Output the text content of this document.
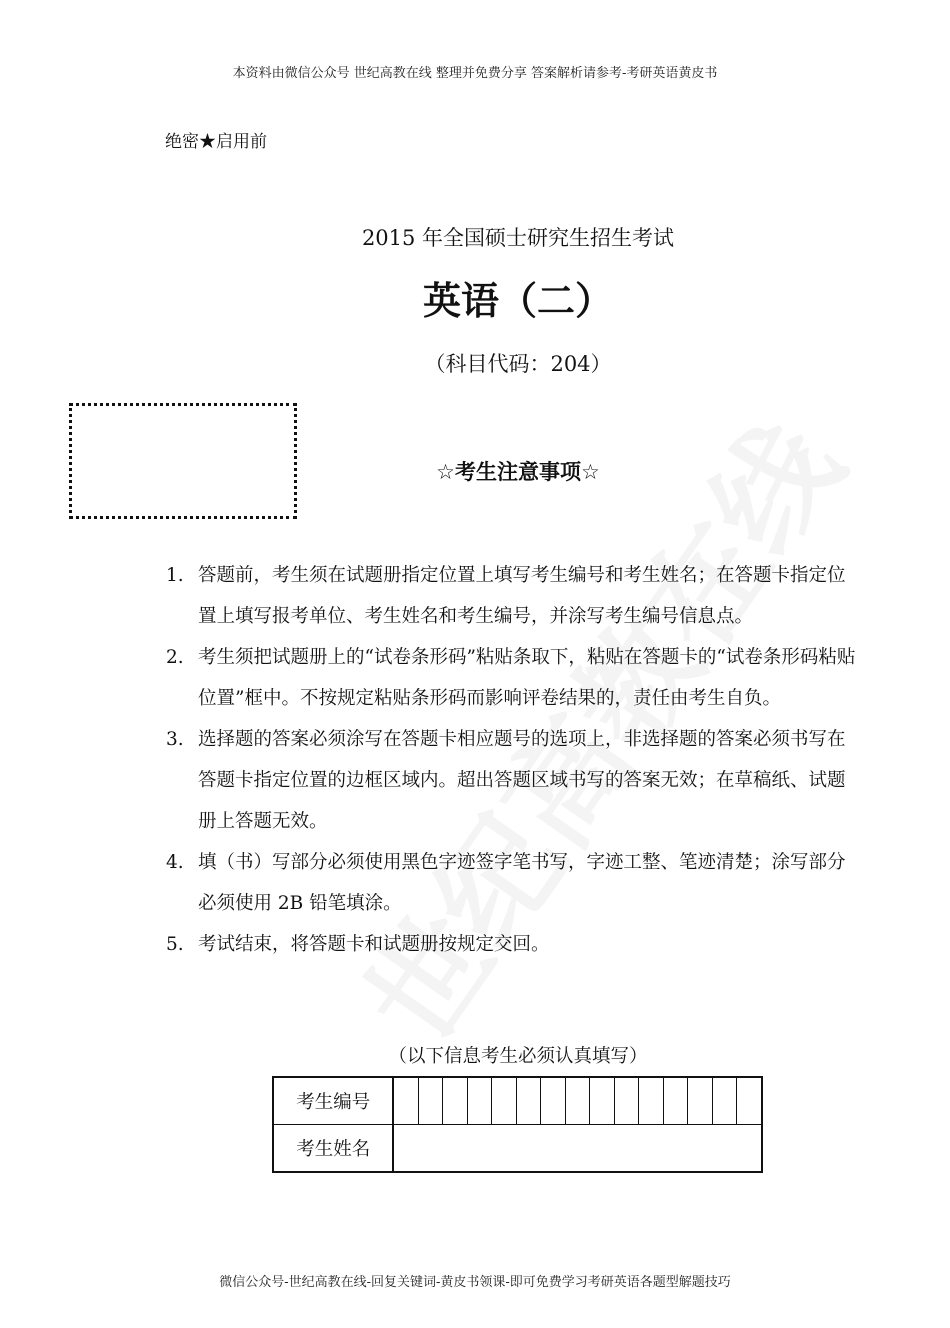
本资料由微信公众号 世纪高教在线 整理并免费分享 答案解析请参考-考研英语黄皮书
绝密★启用前
2015 年全国硕士研究生招生考试
英语（二）
（科目代码：204）
☆考生注意事项☆
1. 答题前，考生须在试题册指定位置上填写考生编号和考生姓名；在答题卡指定位置上填写报考单位、考生姓名和考生编号，并涂写考生编号信息点。
2. 考生须把试题册上的“试卷条形码”粘贴条取下，粘贴在答题卡的“试卷条形码粘贴位置”框中。不按规定粘贴条形码而影响评卷结果的，责任由考生自负。
3. 选择题的答案必须涂写在答题卡相应题号的选项上，非选择题的答案必须书写在答题卡指定位置的边框区域内。超出答题区域书写的答案无效；在草稿纸、试题册上答题无效。
4. 填（书）写部分必须使用黑色字迹签字笔书写，字迹工整、笔迹清楚；涂写部分必须使用 2B 铅笔填涂。
5. 考试结束，将答题卡和试题册按规定交回。
（以下信息考生必须认真填写）
考生编号															
考生姓名															
微信公众号-世纪高教在线-回复关键词-黄皮书领课-即可免费学习考研英语各题型解题技巧
